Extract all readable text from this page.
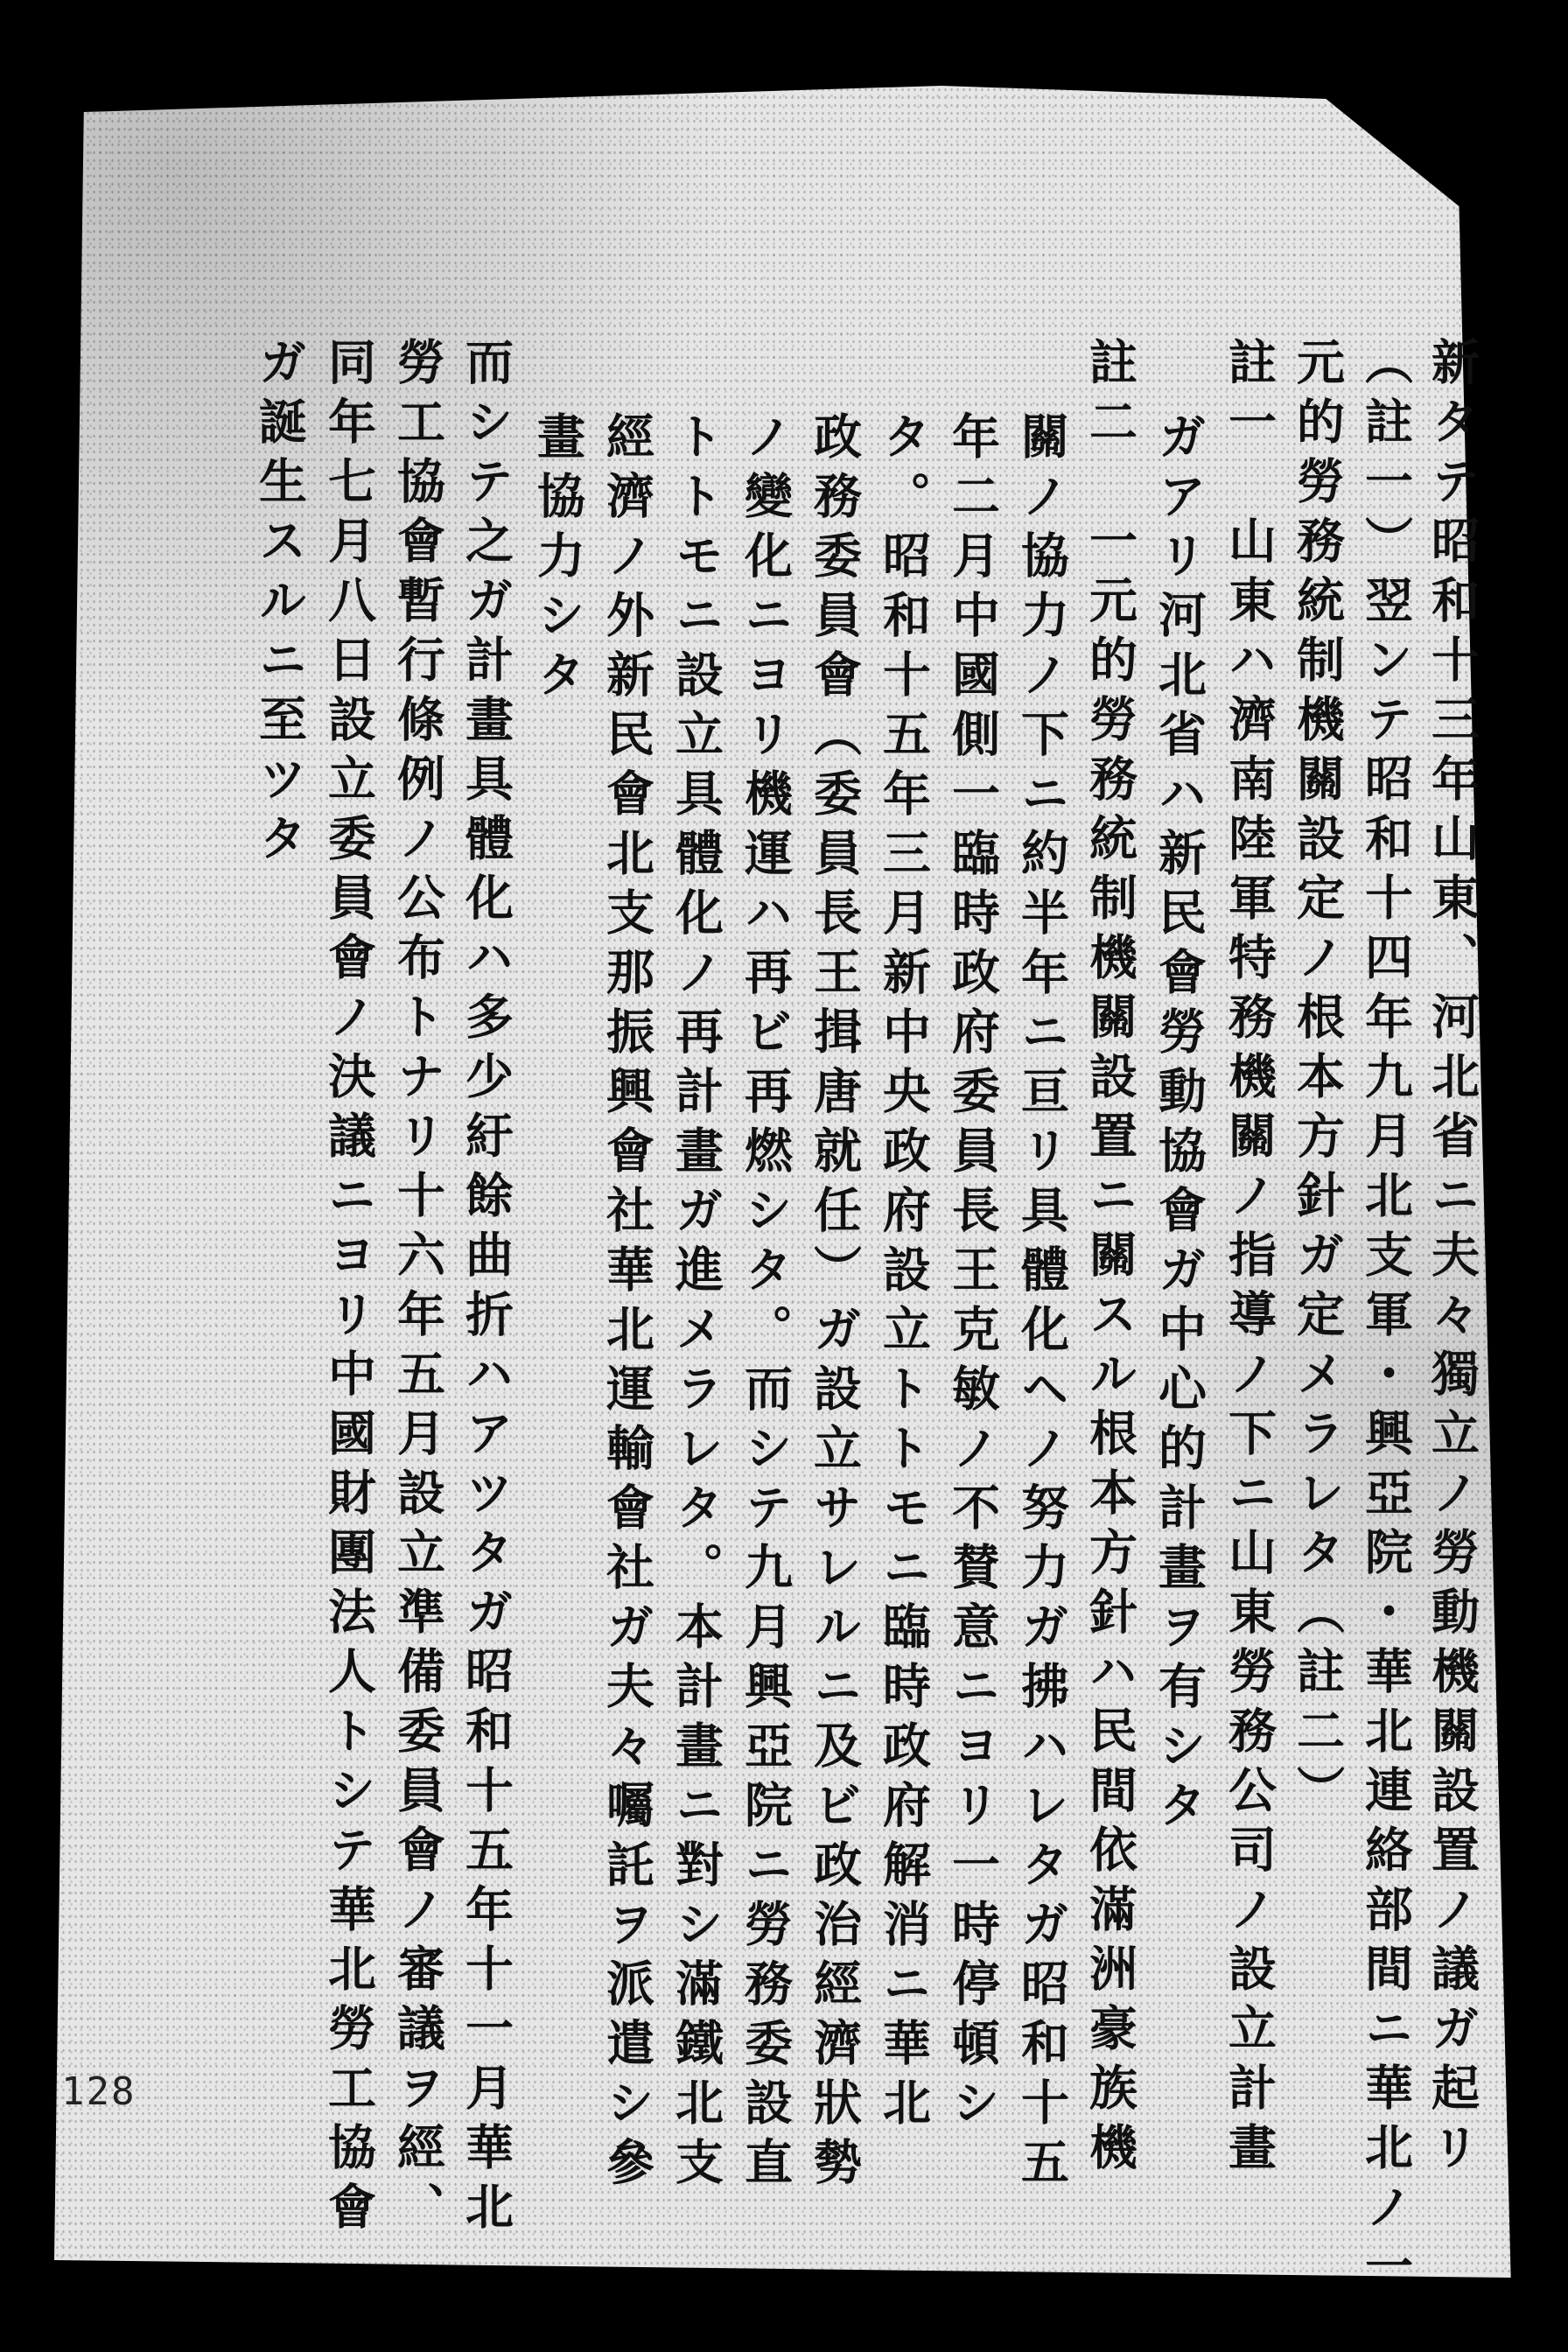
新タテ昭和十三年山東、河北省ニ夫々獨立ノ勞動機關設置ノ議ガ起リ
（註一）翌ンテ昭和十四年九月北支軍・興亞院・華北連絡部間ニ華北ノ一
元的勞務統制機關設定ノ根本方針ガ定メラレタ（註二）
註一　山東ハ濟南陸軍特務機關ノ指導ノ下ニ山東勞務公司ノ設立計畫
ガアリ河北省ハ新民會勞動協會ガ中心的計畫ヲ有シタ
註二　一元的勞務統制機關設置ニ關スル根本方針ハ民間依滿洲豪族機
關ノ協力ノ下ニ約半年ニ亘リ具體化ヘノ努力ガ拂ハレタガ昭和十五
年二月中國側一臨時政府委員長王克敏ノ不賛意ニヨリ一時停頓シ
タ。昭和十五年三月新中央政府設立トトモニ臨時政府解消ニ華北
政務委員會（委員長王揖唐就任）ガ設立サレルニ及ビ政治經濟狀勢
ノ變化ニヨリ機運ハ再ビ再燃シタ。而シテ九月興亞院ニ勞務委設直
トトモニ設立具體化ノ再計畫ガ進メラレタ。本計畫ニ對シ滿鐵北支
經濟ノ外新民會北支那振興會社華北運輸會社ガ夫々囑託ヲ派遣シ參
畫協力シタ
而シテ之ガ計畫具體化ハ多少紆餘曲折ハアツタガ昭和十五年十一月華北
勞工協會暫行條例ノ公布トナリ十六年五月設立準備委員會ノ審議ヲ經、
同年七月八日設立委員會ノ決議ニヨリ中國財團法人トシテ華北勞工協會
ガ誕生スルニ至ツタ
128
